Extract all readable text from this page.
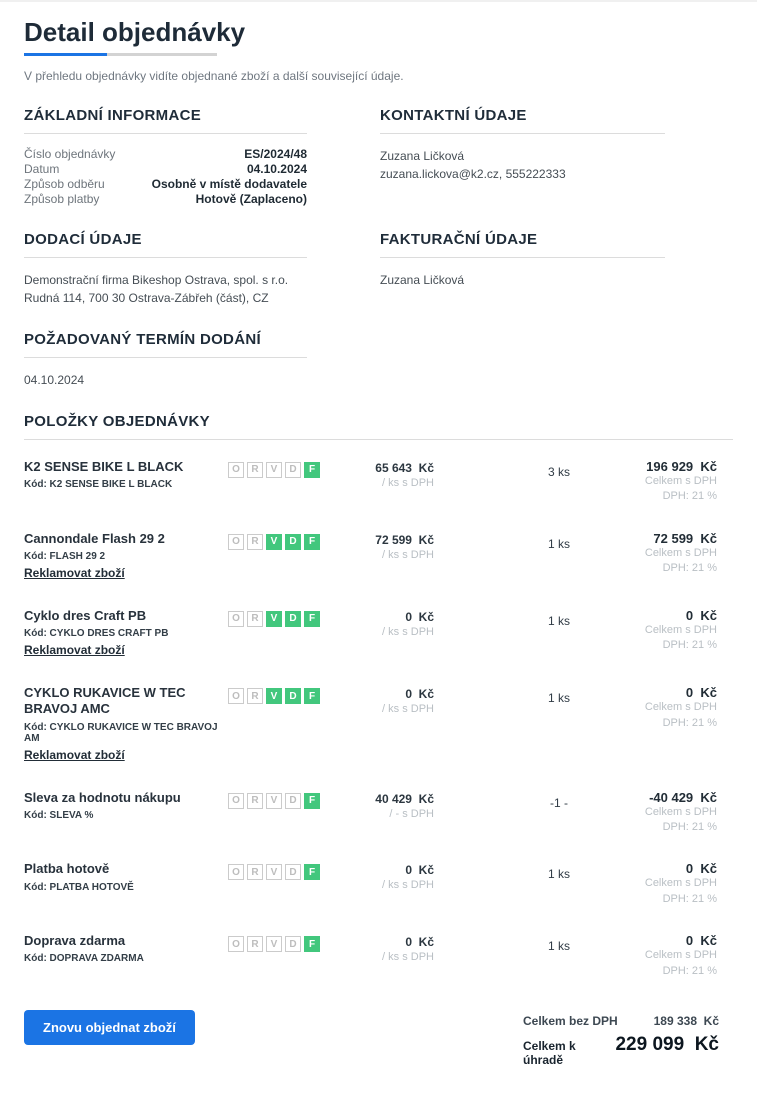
Detail objednávky

V přehledu objednávky vidíte objednané zboží a další související údaje.

ZÁKLADNÍ INFORMACE
Číslo objednávky	ES/2024/48
Datum	04.10.2024
Způsob odběru	Osobně v místě dodavatele
Způsob platby	Hotově (Zaplaceno)
KONTAKTNÍ ÚDAJE
Zuzana Ličková
zuzana.lickova@k2.cz, 555222333
DODACÍ ÚDAJE
Demonstrační firma Bikeshop Ostrava, spol. s r.o.
Rudná 114, 700 30 Ostrava-Zábřeh (část), CZ
FAKTURAČNÍ ÚDAJE
Zuzana Ličková
POŽADOVANÝ TERMÍN DODÁNÍ
04.10.2024
POLOŽKY OBJEDNÁVKY
K2 SENSE BIKE L BLACK
Kód: K2 SENSE BIKE L BLACK
O	R	V	D	F	65 643  Kč
/ ks s DPH
3 ks	196 929  Kč
Celkem s DPH
DPH: 21 %
Cannondale Flash 29 2
Kód: FLASH 29 2
Reklamovat zboží
O	R	V	D	F	72 599  Kč
/ ks s DPH
1 ks	72 599  Kč
Celkem s DPH
DPH: 21 %
Cyklo dres Craft PB
Kód: CYKLO DRES CRAFT PB
Reklamovat zboží
O	R	V	D	F	0  Kč
/ ks s DPH
1 ks	0  Kč
Celkem s DPH
DPH: 21 %
CYKLO RUKAVICE W TEC BRAVOJ AMC
Kód: CYKLO RUKAVICE W TEC BRAVOJ AM
Reklamovat zboží
O	R	V	D	F	0  Kč
/ ks s DPH
1 ks	0  Kč
Celkem s DPH
DPH: 21 %
Sleva za hodnotu nákupu
Kód: SLEVA %
O	R	V	D	F	40 429  Kč
/ - s DPH
-1 -	-40 429  Kč
Celkem s DPH
DPH: 21 %
Platba hotově
Kód: PLATBA HOTOVĚ
O	R	V	D	F	0  Kč
/ ks s DPH
1 ks	0  Kč
Celkem s DPH
DPH: 21 %
Doprava zdarma
Kód: DOPRAVA ZDARMA
O	R	V	D	F	0  Kč
/ ks s DPH
1 ks	0  Kč
Celkem s DPH
DPH: 21 %
Znovu objednat zboží	Celkem bez DPH	189 338  Kč
Celkem k úhradě
229 099  Kč
